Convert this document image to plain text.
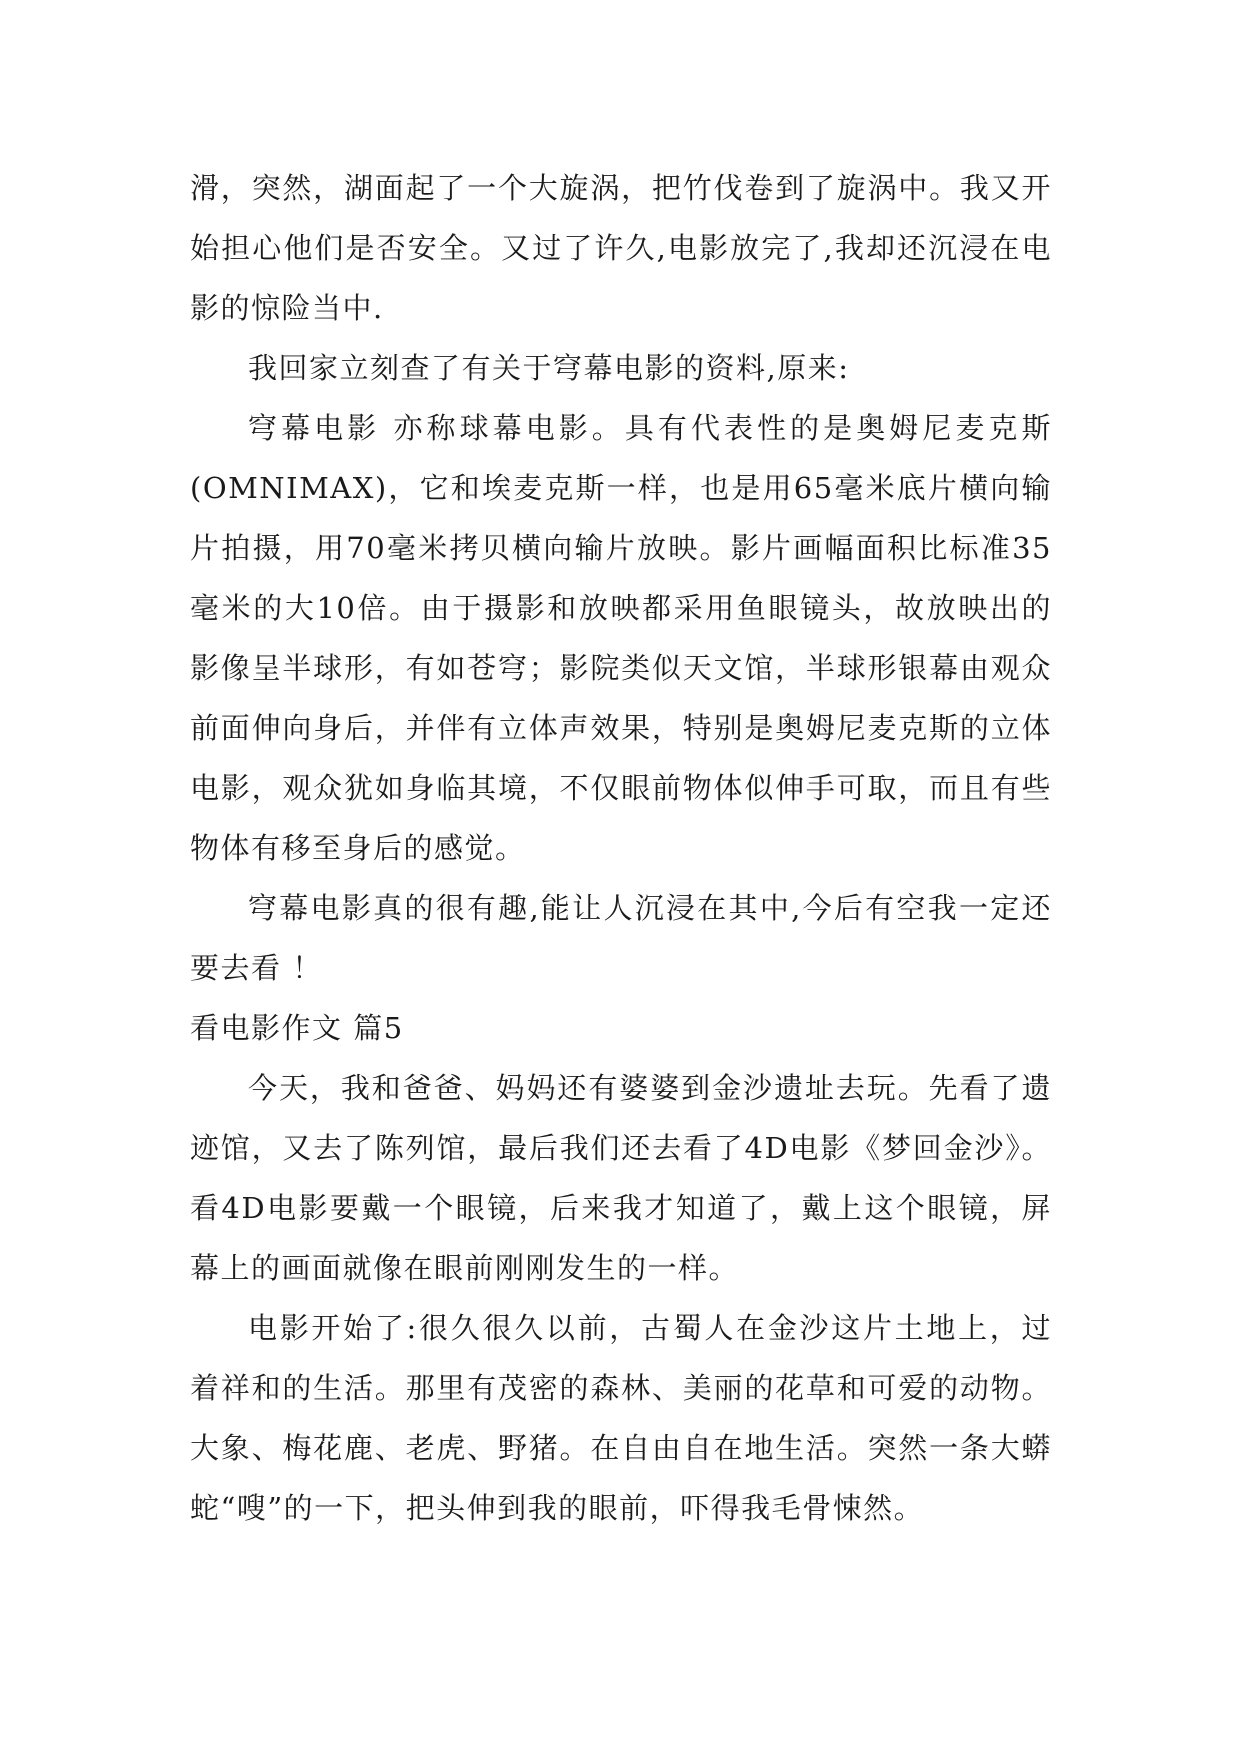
滑，突然，湖面起了一个大旋涡，把竹伐卷到了旋涡中。我又开始担心他们是否安全。又过了许久,电影放完了,我却还沉浸在电影的惊险当中.

我回家立刻查了有关于穹幕电影的资料,原来:

穹幕电影 亦称球幕电影。具有代表性的是奥姆尼麦克斯 (OMNIMAX)，它和埃麦克斯一样，也是用65毫米底片横向输片拍摄，用70毫米拷贝横向输片放映。影片画幅面积比标准35毫米的大10倍。由于摄影和放映都采用鱼眼镜头，故放映出的影像呈半球形，有如苍穹；影院类似天文馆，半球形银幕由观众前面伸向身后，并伴有立体声效果，特别是奥姆尼麦克斯的立体电影，观众犹如身临其境，不仅眼前物体似伸手可取，而且有些物体有移至身后的感觉。

穹幕电影真的很有趣,能让人沉浸在其中,今后有空我一定还要去看 ！

看电影作文 篇5

今天，我和爸爸、妈妈还有婆婆到金沙遗址去玩。先看了遗迹馆，又去了陈列馆，最后我们还去看了4D电影《梦回金沙》。看4D电影要戴一个眼镜，后来我才知道了，戴上这个眼镜，屏幕上的画面就像在眼前刚刚发生的一样。

电影开始了:很久很久以前，古蜀人在金沙这片土地上，过着祥和的生活。那里有茂密的森林、美丽的花草和可爱的动物。大象、梅花鹿、老虎、野猪。在自由自在地生活。突然一条大蟒蛇“嗖”的一下，把头伸到我的眼前，吓得我毛骨悚然。
